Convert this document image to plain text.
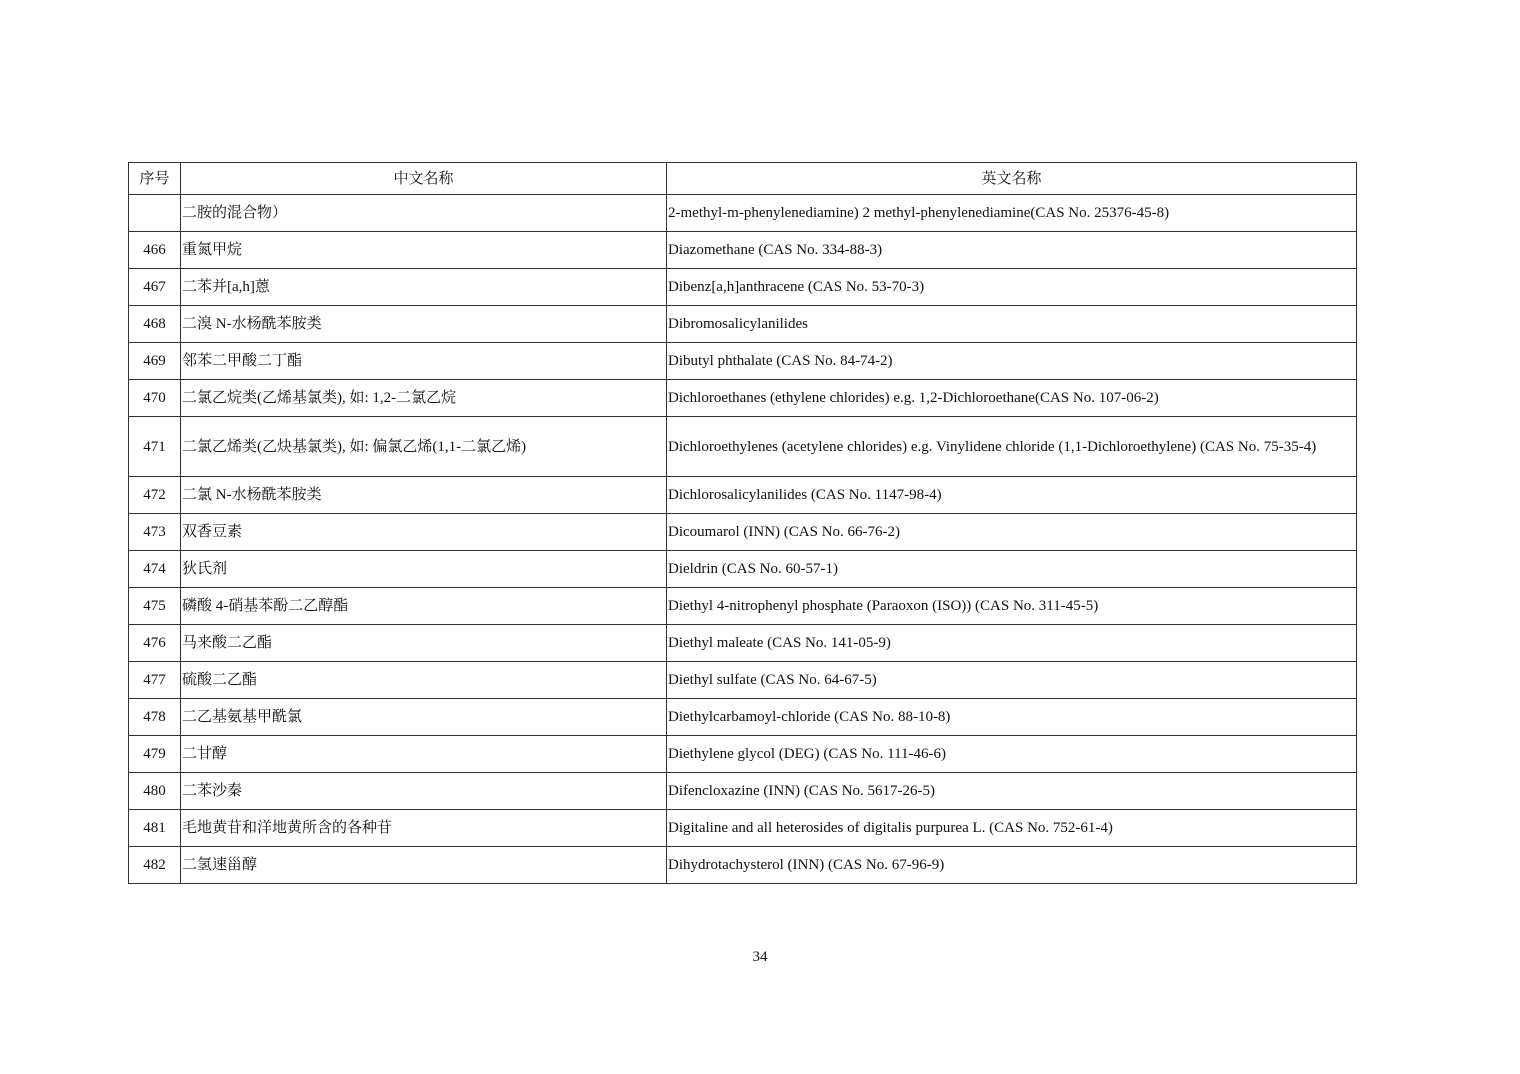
序号	中文名称	英文名称
	二胺的混合物）	2-methyl-m-phenylenediamine) 2 methyl-phenylenediamine(CAS No. 25376-45-8)
466	重氮甲烷	Diazomethane (CAS No. 334-88-3)
467	二苯并[a,h]蒽	Dibenz[a,h]anthracene (CAS No. 53-70-3)
468	二溴 N-水杨酰苯胺类	Dibromosalicylanilides
469	邻苯二甲酸二丁酯	Dibutyl phthalate (CAS No. 84-74-2)
470	二氯乙烷类(乙烯基氯类), 如: 1,2-二氯乙烷	Dichloroethanes (ethylene chlorides) e.g. 1,2-Dichloroethane(CAS No. 107-06-2)
471	二氯乙烯类(乙炔基氯类), 如: 偏氯乙烯(1,1-二氯乙烯)	Dichloroethylenes (acetylene chlorides) e.g. Vinylidene chloride (1,1-Dichloroethylene) (CAS No. 75-35-4)
472	二氯 N-水杨酰苯胺类	Dichlorosalicylanilides (CAS No. 1147-98-4)
473	双香豆素	Dicoumarol (INN) (CAS No. 66-76-2)
474	狄氏剂	Dieldrin (CAS No. 60-57-1)
475	磷酸 4-硝基苯酚二乙醇酯	Diethyl 4-nitrophenyl phosphate (Paraoxon (ISO)) (CAS No. 311-45-5)
476	马来酸二乙酯	Diethyl maleate (CAS No. 141-05-9)
477	硫酸二乙酯	Diethyl sulfate (CAS No. 64-67-5)
478	二乙基氨基甲酰氯	Diethylcarbamoyl-chloride (CAS No. 88-10-8)
479	二甘醇	Diethylene glycol (DEG) (CAS No. 111-46-6)
480	二苯沙秦	Difencloxazine (INN) (CAS No. 5617-26-5)
481	毛地黄苷和洋地黄所含的各种苷	Digitaline and all heterosides of digitalis purpurea L. (CAS No. 752-61-4)
482	二氢速甾醇	Dihydrotachysterol (INN) (CAS No. 67-96-9)
34
